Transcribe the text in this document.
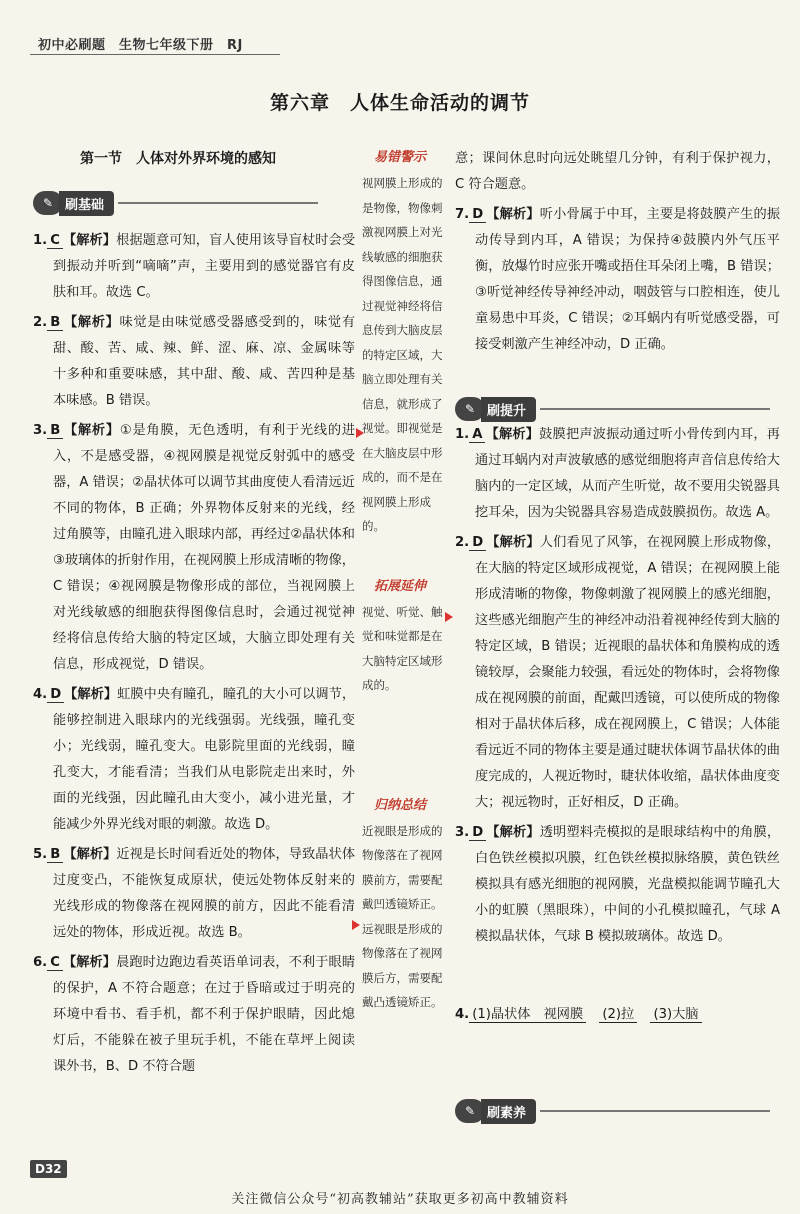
初中必刷题　生物七年级下册　RJ
第六章　人体生命活动的调节
第一节　人体对外界环境的感知
✎ 刷基础

1. C 【解析】根据题意可知，盲人使用该导盲杖时会受到振动并听到“嘀嘀”声，主要用到的感觉器官有皮肤和耳。故选 C。

2. B 【解析】味觉是由味觉感受器感受到的，味觉有甜、酸、苦、咸、辣、鲜、涩、麻、凉、金属味等十多种和重要味感，其中甜、酸、咸、苦四种是基本味感。B 错误。

3. B 【解析】①是角膜，无色透明，有利于光线的进入，不是感受器，④视网膜是视觉反射弧中的感受器，A 错误；②晶状体可以调节其曲度使人看清远近不同的物体，B 正确；外界物体反射来的光线，经过角膜等，由瞳孔进入眼球内部，再经过②晶状体和③玻璃体的折射作用，在视网膜上形成清晰的物像，C 错误；④视网膜是物像形成的部位，当视网膜上对光线敏感的细胞获得图像信息时，会通过视觉神经将信息传给大脑的特定区域，大脑立即处理有关信息，形成视觉，D 错误。

4. D 【解析】虹膜中央有瞳孔，瞳孔的大小可以调节，能够控制进入眼球内的光线强弱。光线强，瞳孔变小；光线弱，瞳孔变大。电影院里面的光线弱，瞳孔变大，才能看清；当我们从电影院走出来时，外面的光线强，因此瞳孔由大变小，减小进光量，才能减少外界光线对眼的刺激。故选 D。

5. B 【解析】近视是长时间看近处的物体，导致晶状体过度变凸，不能恢复成原状，使远处物体反射来的光线形成的物像落在视网膜的前方，因此不能看清远处的物体，形成近视。故选 B。

6. C 【解析】晨跑时边跑边看英语单词表，不利于眼睛的保护，A 不符合题意；在过于昏暗或过于明亮的环境中看书、看手机，都不利于保护眼睛，因此熄灯后，不能躲在被子里玩手机，不能在草坪上阅读课外书，B、D 不符合题

易错警示
视网膜上形成的是物像，物像刺激视网膜上对光线敏感的细胞获得图像信息，通过视觉神经将信息传到大脑皮层的特定区域，大脑立即处理有关信息，就形成了视觉。即视觉是在大脑皮层中形成的，而不是在视网膜上形成的。
拓展延伸
视觉、听觉、触觉和味觉都是在大脑特定区域形成的。
归纳总结
近视眼是形成的物像落在了视网膜前方，需要配戴凹透镜矫正。远视眼是形成的物像落在了视网膜后方，需要配戴凸透镜矫正。

意；课间休息时向远处眺望几分钟，有利于保护视力，C 符合题意。

7. D 【解析】听小骨属于中耳，主要是将鼓膜产生的振动传导到内耳，A 错误；为保持④鼓膜内外气压平衡，放爆竹时应张开嘴或捂住耳朵闭上嘴，B 错误；③听觉神经传导神经冲动，咽鼓管与口腔相连，使儿童易患中耳炎，C 错误；②耳蜗内有听觉感受器，可接受刺激产生神经冲动，D 正确。

1. A 【解析】鼓膜把声波振动通过听小骨传到内耳，再通过耳蜗内对声波敏感的感觉细胞将声音信息传给大脑内的一定区域，从而产生听觉，故不要用尖锐器具挖耳朵，因为尖锐器具容易造成鼓膜损伤。故选 A。

2. D 【解析】人们看见了风筝，在视网膜上形成物像，在大脑的特定区域形成视觉，A 错误；在视网膜上能形成清晰的物像，物像刺激了视网膜上的感光细胞，这些感光细胞产生的神经冲动沿着视神经传到大脑的特定区域，B 错误；近视眼的晶状体和角膜构成的透镜较厚，会聚能力较强，看远处的物体时，会将物像成在视网膜的前面，配戴凹透镜，可以使所成的物像相对于晶状体后移，成在视网膜上，C 错误；人体能看远近不同的物体主要是通过睫状体调节晶状体的曲度完成的，人视近物时，睫状体收缩，晶状体曲度变大；视远物时，正好相反，D 正确。

3. D 【解析】透明塑料壳模拟的是眼球结构中的角膜，白色铁丝模拟巩膜，红色铁丝模拟脉络膜，黄色铁丝模拟具有感光细胞的视网膜，光盘模拟能调节瞳孔大小的虹膜（黑眼珠），中间的小孔模拟瞳孔，气球 A 模拟晶状体，气球 B 模拟玻璃体。故选 D。

4. (1)晶状体　视网膜　 (2)拉　 (3)大脑

✎ 刷提升
✎ 刷素养
D32
关注微信公众号“初高教辅站”获取更多初高中教辅资料
